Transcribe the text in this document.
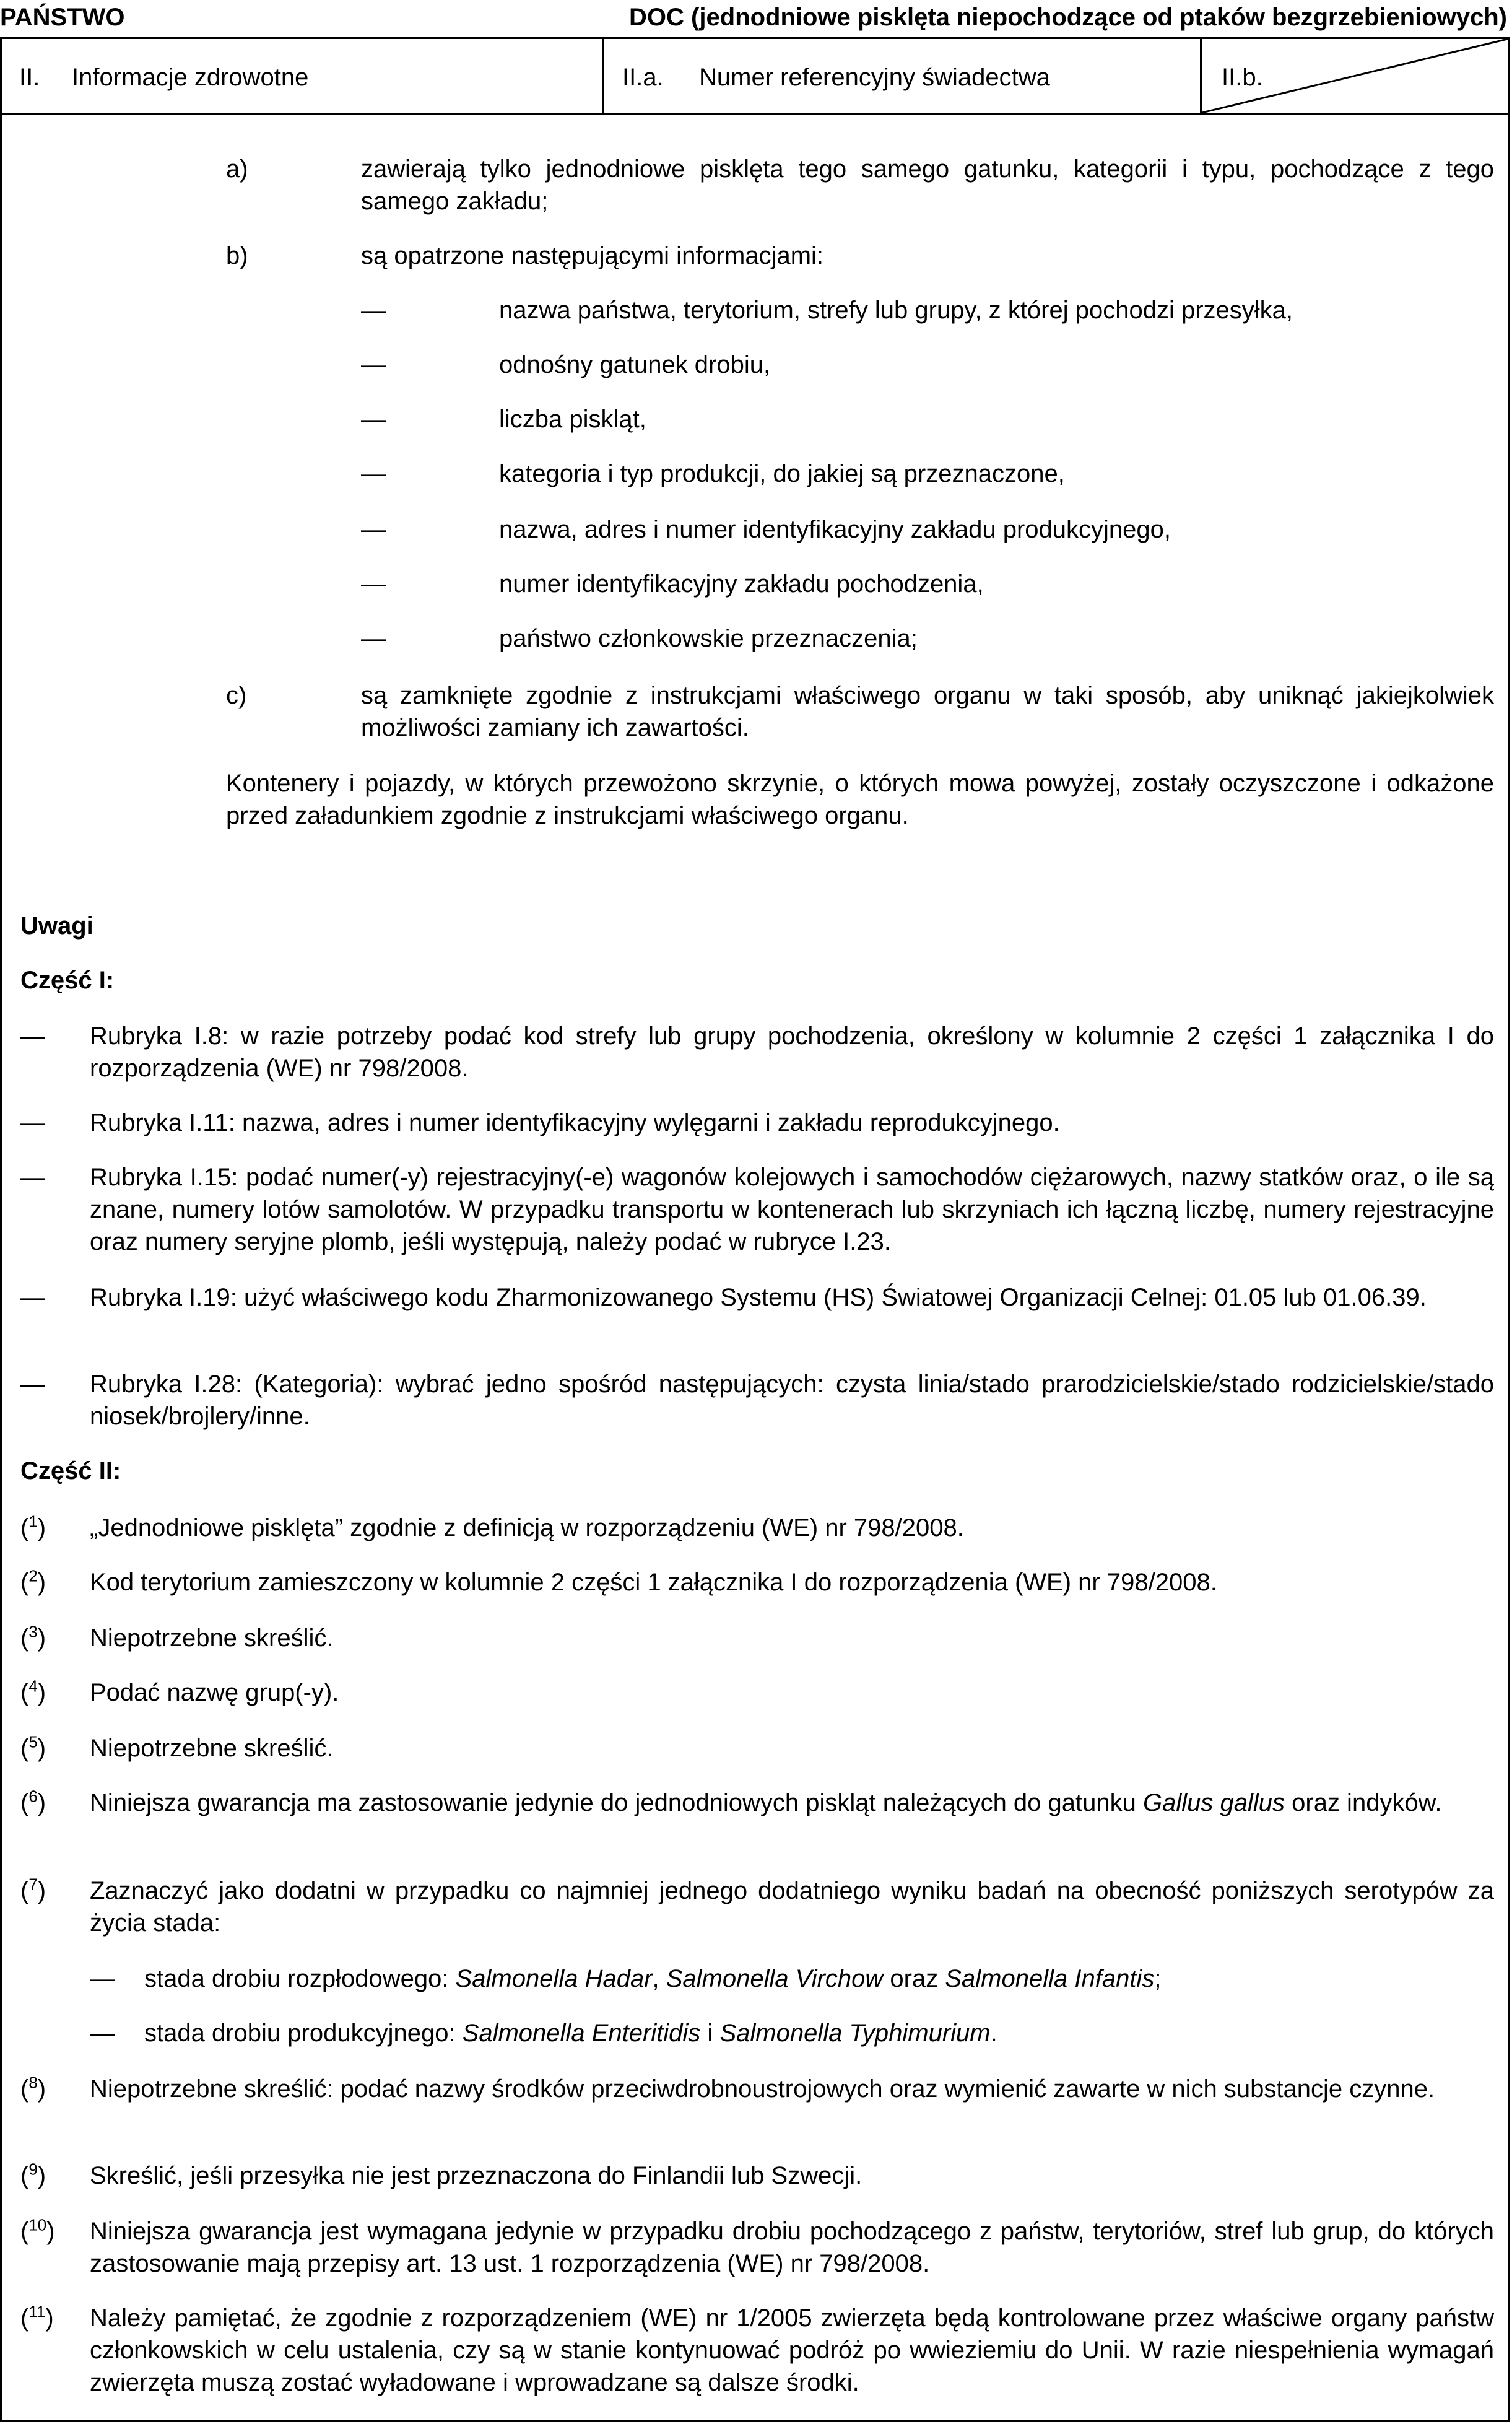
PAŃSTWO	DOC (jednodniowe pisklęta niepochodzące od ptaków bezgrzebieniowych)
II. Informacje zdrowotne	II.a. Numer referencyjny świadectwa	II.b.
a)	zawierają tylko jednodniowe pisklęta tego samego gatunku, kategorii i typu, pochodzące z tego samego zakładu;
b)	są opatrzone następującymi informacjami:
—	nazwa państwa, terytorium, strefy lub grupy, z której pochodzi przesyłka,
—	odnośny gatunek drobiu,
—	liczba piskląt,
—	kategoria i typ produkcji, do jakiej są przeznaczone,
—	nazwa, adres i numer identyfikacyjny zakładu produkcyjnego,
—	numer identyfikacyjny zakładu pochodzenia,
—	państwo członkowskie przeznaczenia;
c)	są zamknięte zgodnie z instrukcjami właściwego organu w taki sposób, aby uniknąć jakiejkolwiek możliwości zamiany ich zawartości.
Kontenery i pojazdy, w których przewożono skrzynie, o których mowa powyżej, zostały oczyszczone i odkażone przed załadunkiem zgodnie z instrukcjami właściwego organu.
Uwagi
Część I:
— Rubryka I.8: w razie potrzeby podać kod strefy lub grupy pochodzenia, określony w kolumnie 2 części 1 załącznika I do rozporządzenia (WE) nr 798/2008.
— Rubryka I.11: nazwa, adres i numer identyfikacyjny wylęgarni i zakładu reprodukcyjnego.
— Rubryka I.15: podać numer(-y) rejestracyjny(-e) wagonów kolejowych i samochodów ciężarowych, nazwy statków oraz, o ile są znane, numery lotów samolotów. W przypadku transportu w kontenerach lub skrzyniach ich łączną liczbę, numery rejestracyjne oraz numery seryjne plomb, jeśli występują, należy podać w rubryce I.23.
— Rubryka I.19: użyć właściwego kodu Zharmonizowanego Systemu (HS) Światowej Organizacji Celnej: 01.05 lub 01.06.39.
— Rubryka I.28: (Kategoria): wybrać jedno spośród następujących: czysta linia/stado prarodzicielskie/stado rodzicielskie/stado niosek/brojlery/inne.
Część II:
($^1$) „Jednodniowe pisklęta” zgodnie z definicją w rozporządzeniu (WE) nr 798/2008.
($^2$) Kod terytorium zamieszczony w kolumnie 2 części 1 załącznika I do rozporządzenia (WE) nr 798/2008.
($^3$) Niepotrzebne skreślić.
($^4$) Podać nazwę grup(-y).
($^5$) Niepotrzebne skreślić.
($^6$) Niniejsza gwarancja ma zastosowanie jedynie do jednodniowych piskląt należących do gatunku Gallus gallus oraz indyków.
($^7$) Zaznaczyć jako dodatni w przypadku co najmniej jednego dodatniego wyniku badań na obecność poniższych serotypów za życia stada:
— stada drobiu rozpłodowego: Salmonella Hadar, Salmonella Virchow oraz Salmonella Infantis;
— stada drobiu produkcyjnego: Salmonella Enteritidis i Salmonella Typhimurium.
($^8$) Niepotrzebne skreślić: podać nazwy środków przeciwdrobnoustrojowych oraz wymienić zawarte w nich substancje czynne.
($^9$) Skreślić, jeśli przesyłka nie jest przeznaczona do Finlandii lub Szwecji.
($^{10}$) Niniejsza gwarancja jest wymagana jedynie w przypadku drobiu pochodzącego z państw, terytoriów, stref lub grup, do których zastosowanie mają przepisy art. 13 ust. 1 rozporządzenia (WE) nr 798/2008.
($^{11}$) Należy pamiętać, że zgodnie z rozporządzeniem (WE) nr 1/2005 zwierzęta będą kontrolowane przez właściwe organy państw członkowskich w celu ustalenia, czy są w stanie kontynuować podróż po wwieziemiu do Unii. W razie niespełnienia wymagań zwierzęta muszą zostać wyładowane i wprowadzane są dalsze środki.
